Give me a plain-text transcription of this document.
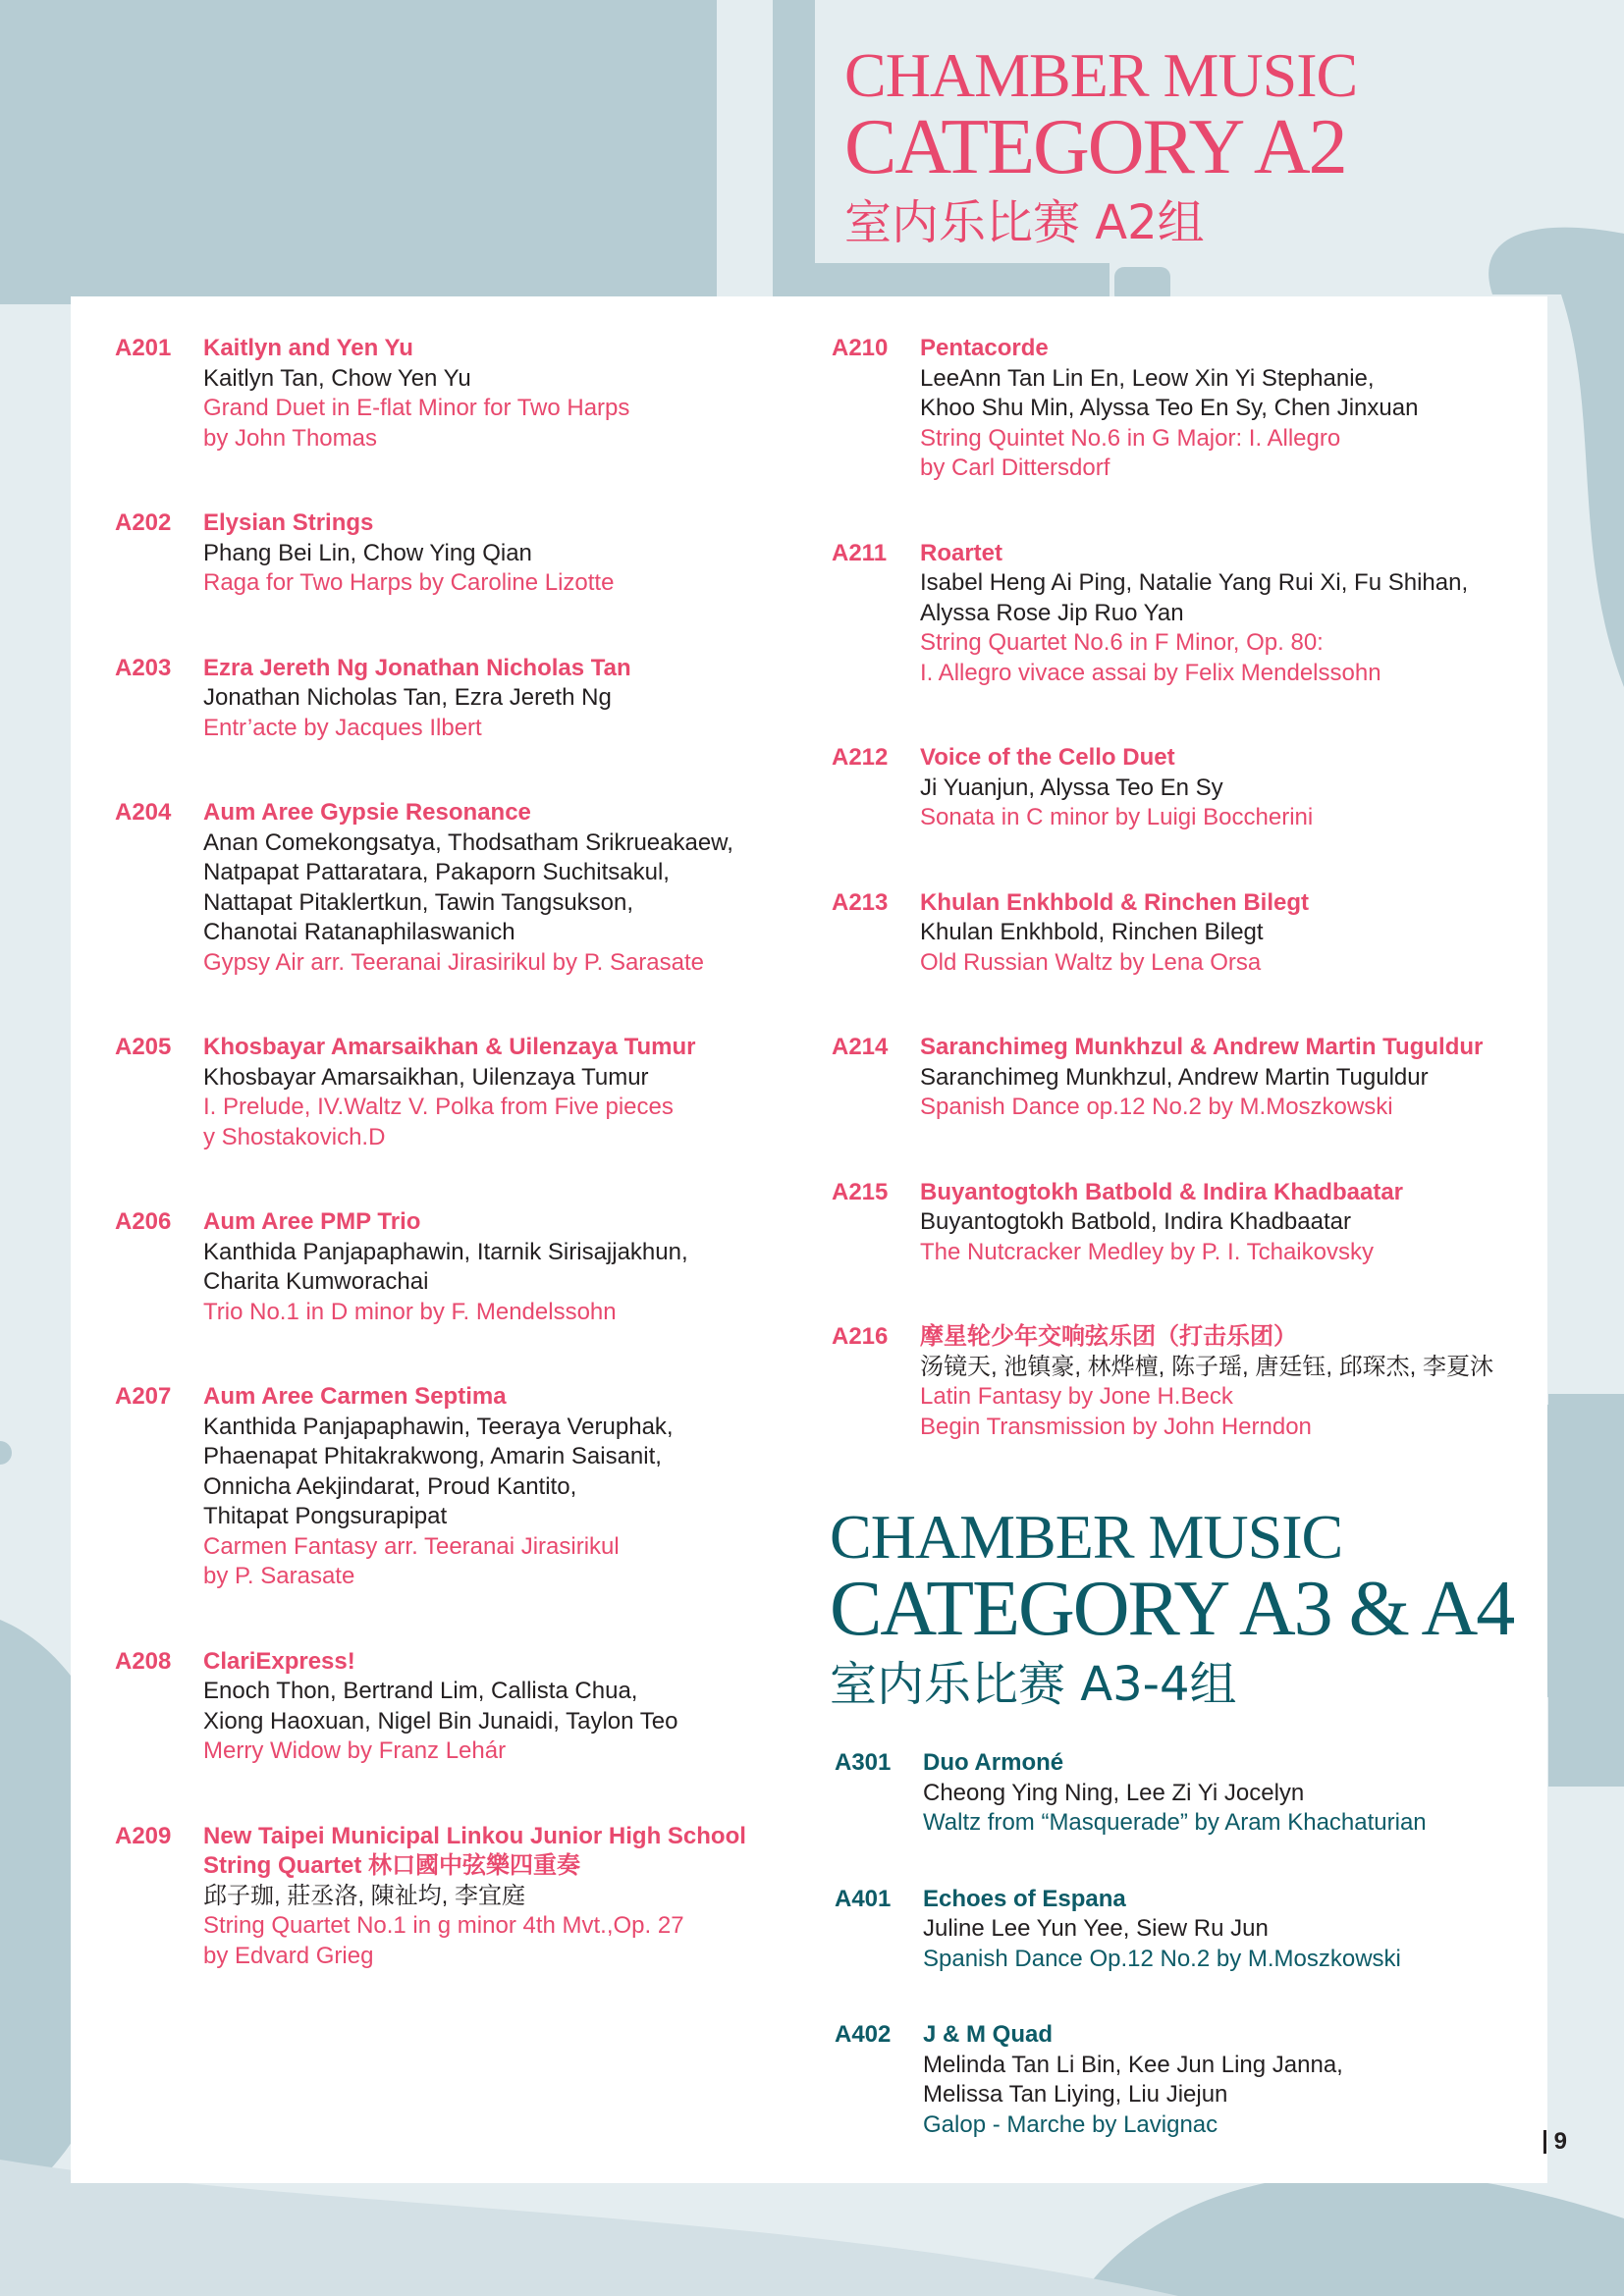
CHAMBER MUSIC
CATEGORY A2
室内乐比赛 A2组
CHAMBER MUSIC
CATEGORY A3 & A4
室内乐比赛 A3-4组
A201 Kaitlyn and Yen Yu
Kaitlyn Tan, Chow Yen Yu
Grand Duet in E-flat Minor for Two Harps
by John Thomas
A202 Elysian Strings
Phang Bei Lin, Chow Ying Qian
Raga for Two Harps by Caroline Lizotte
A203 Ezra Jereth Ng Jonathan Nicholas Tan
Jonathan Nicholas Tan, Ezra Jereth Ng
Entr’acte by Jacques Ilbert
A204 Aum Aree Gypsie Resonance
Anan Comekongsatya, Thodsatham Srikrueakaew,
Natpapat Pattaratara, Pakaporn Suchitsakul,
Nattapat Pitaklertkun, Tawin Tangsukson,
Chanotai Ratanaphilaswanich
Gypsy Air arr. Teeranai Jirasirikul by P. Sarasate
A205 Khosbayar Amarsaikhan & Uilenzaya Tumur
Khosbayar Amarsaikhan, Uilenzaya Tumur
I. Prelude, IV.Waltz V. Polka from Five pieces
y Shostakovich.D
A206 Aum Aree PMP Trio
Kanthida Panjapaphawin, Itarnik Sirisajjakhun,
Charita Kumworachai
Trio No.1 in D minor by F. Mendelssohn
A207 Aum Aree Carmen Septima
Kanthida Panjapaphawin, Teeraya Veruphak,
Phaenapat Phitakrakwong, Amarin Saisanit,
Onnicha Aekjindarat, Proud Kantito,
Thitapat Pongsurapipat
Carmen Fantasy arr. Teeranai Jirasirikul
by P. Sarasate
A208 ClariExpress!
Enoch Thon, Bertrand Lim, Callista Chua,
Xiong Haoxuan, Nigel Bin Junaidi, Taylon Teo
Merry Widow by Franz Lehár
A209 New Taipei Municipal Linkou Junior High School String Quartet 林口國中弦樂四重奏
邱子珈, 莊丞洛, 陳祉均, 李宜庭
String Quartet No.1 in g minor 4th Mvt.,Op. 27
by Edvard Grieg
A210 Pentacorde
LeeAnn Tan Lin En, Leow Xin Yi Stephanie,
Khoo Shu Min, Alyssa Teo En Sy, Chen Jinxuan
String Quintet No.6 in G Major: I. Allegro
by Carl Dittersdorf
A211 Roartet
Isabel Heng Ai Ping, Natalie Yang Rui Xi, Fu Shihan,
Alyssa Rose Jip Ruo Yan
String Quartet No.6 in F Minor, Op. 80:
I. Allegro vivace assai by Felix Mendelssohn
A212 Voice of the Cello Duet
Ji Yuanjun, Alyssa Teo En Sy
Sonata in C minor by Luigi Boccherini
A213 Khulan Enkhbold & Rinchen Bilegt
Khulan Enkhbold, Rinchen Bilegt
Old Russian Waltz by Lena Orsa
A214 Saranchimeg Munkhzul & Andrew Martin Tuguldur
Saranchimeg Munkhzul, Andrew Martin Tuguldur
Spanish Dance op.12 No.2 by M.Moszkowski
A215 Buyantogtokh Batbold & Indira Khadbaatar
Buyantogtokh Batbold, Indira Khadbaatar
The Nutcracker Medley by P. I. Tchaikovsky
A216 摩星轮少年交响弦乐团（打击乐团）
汤镜天, 池镇豪, 林烨檀, 陈子瑶, 唐廷钰, 邱琛杰, 李夏沐
Latin Fantasy by Jone H.Beck
Begin Transmission by John Herndon
A301 Duo Armoné
Cheong Ying Ning, Lee Zi Yi Jocelyn
Waltz from “Masquerade” by Aram Khachaturian
A401 Echoes of Espana
Juline Lee Yun Yee, Siew Ru Jun
Spanish Dance Op.12 No.2 by M.Moszkowski
A402 J & M Quad
Melinda Tan Li Bin, Kee Jun Ling Janna,
Melissa Tan Liying, Liu Jiejun
Galop - Marche by Lavignac
9
